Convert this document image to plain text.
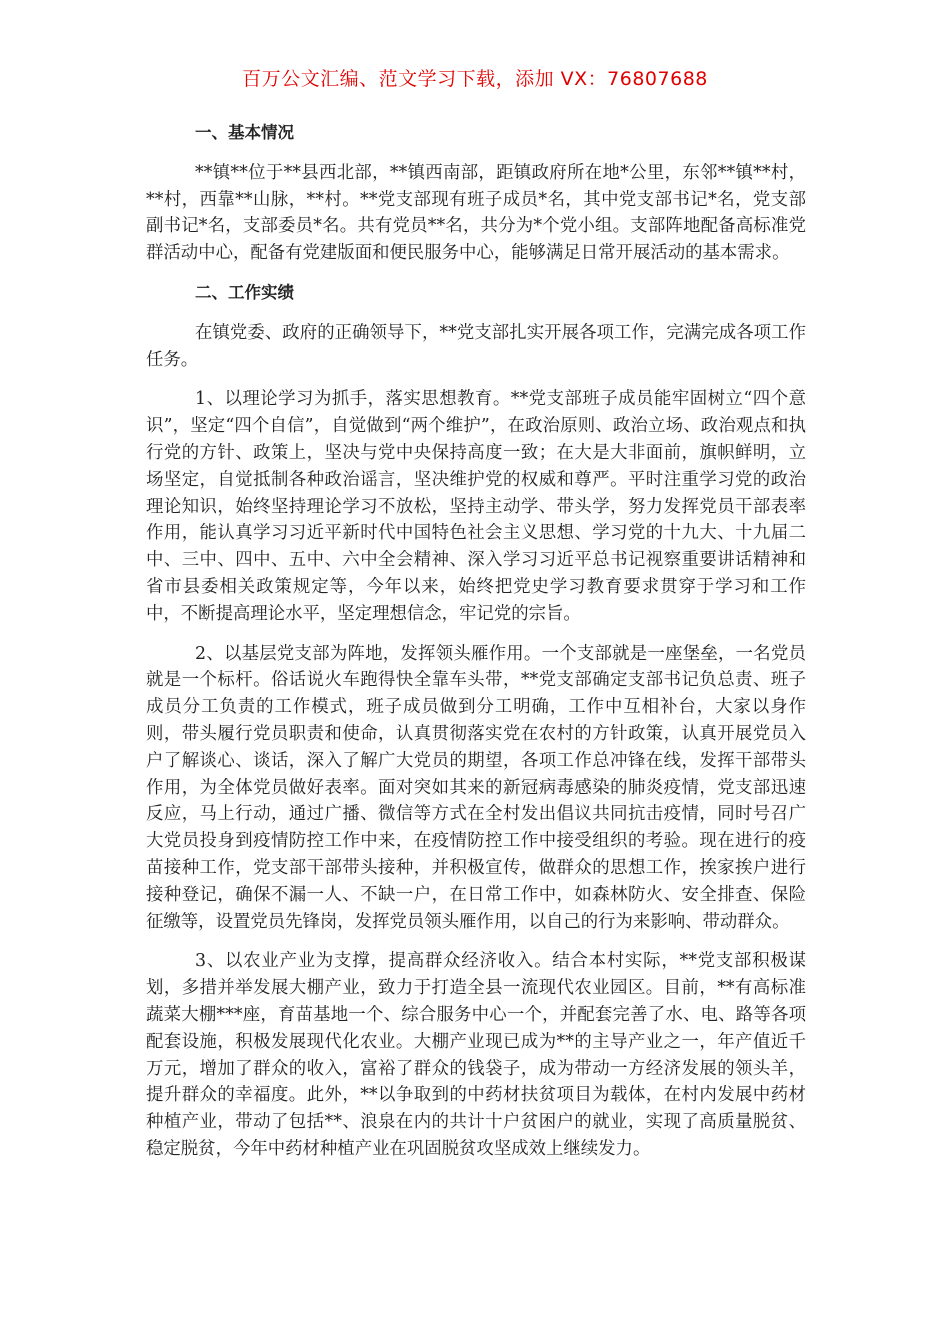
百万公文汇编、范文学习下载，添加 VX：76807688
一、基本情况
**镇**位于**县西北部，**镇西南部，距镇政府所在地*公里，东邻**镇**村，**村，西靠**山脉，**村。**党支部现有班子成员*名，其中党支部书记*名，党支部副书记*名，支部委员*名。共有党员**名，共分为*个党小组。支部阵地配备高标准党群活动中心，配备有党建版面和便民服务中心，能够满足日常开展活动的基本需求。
二、工作实绩
在镇党委、政府的正确领导下，**党支部扎实开展各项工作，完满完成各项工作任务。
1、以理论学习为抓手，落实思想教育。**党支部班子成员能牢固树立“四个意识”，坚定“四个自信”，自觉做到“两个维护”，在政治原则、政治立场、政治观点和执行党的方针、政策上，坚决与党中央保持高度一致；在大是大非面前，旗帜鲜明，立场坚定，自觉抵制各种政治谣言，坚决维护党的权威和尊严。平时注重学习党的政治理论知识，始终坚持理论学习不放松，坚持主动学、带头学，努力发挥党员干部表率作用，能认真学习习近平新时代中国特色社会主义思想、学习党的十九大、十九届二中、三中、四中、五中、六中全会精神、深入学习习近平总书记视察重要讲话精神和省市县委相关政策规定等，今年以来，始终把党史学习教育要求贯穿于学习和工作中，不断提高理论水平，坚定理想信念，牢记党的宗旨。
2、以基层党支部为阵地，发挥领头雁作用。一个支部就是一座堡垒，一名党员就是一个标杆。俗话说火车跑得快全靠车头带，**党支部确定支部书记负总责、班子成员分工负责的工作模式，班子成员做到分工明确，工作中互相补台，大家以身作则，带头履行党员职责和使命，认真贯彻落实党在农村的方针政策，认真开展党员入户了解谈心、谈话，深入了解广大党员的期望，各项工作总冲锋在线，发挥干部带头作用，为全体党员做好表率。面对突如其来的新冠病毒感染的肺炎疫情，党支部迅速反应，马上行动，通过广播、微信等方式在全村发出倡议共同抗击疫情，同时号召广大党员投身到疫情防控工作中来，在疫情防控工作中接受组织的考验。现在进行的疫苗接种工作，党支部干部带头接种，并积极宣传，做群众的思想工作，挨家挨户进行接种登记，确保不漏一人、不缺一户，在日常工作中，如森林防火、安全排查、保险征缴等，设置党员先锋岗，发挥党员领头雁作用，以自己的行为来影响、带动群众。
3、以农业产业为支撑，提高群众经济收入。结合本村实际，**党支部积极谋划，多措并举发展大棚产业，致力于打造全县一流现代农业园区。目前，**有高标准蔬菜大棚***座，育苗基地一个、综合服务中心一个，并配套完善了水、电、路等各项配套设施，积极发展现代化农业。大棚产业现已成为**的主导产业之一，年产值近千万元，增加了群众的收入，富裕了群众的钱袋子，成为带动一方经济发展的领头羊，提升群众的幸福度。此外，**以争取到的中药材扶贫项目为载体，在村内发展中药材种植产业，带动了包括**、浪泉在内的共计十户贫困户的就业，实现了高质量脱贫、稳定脱贫，今年中药材种植产业在巩固脱贫攻坚成效上继续发力。
